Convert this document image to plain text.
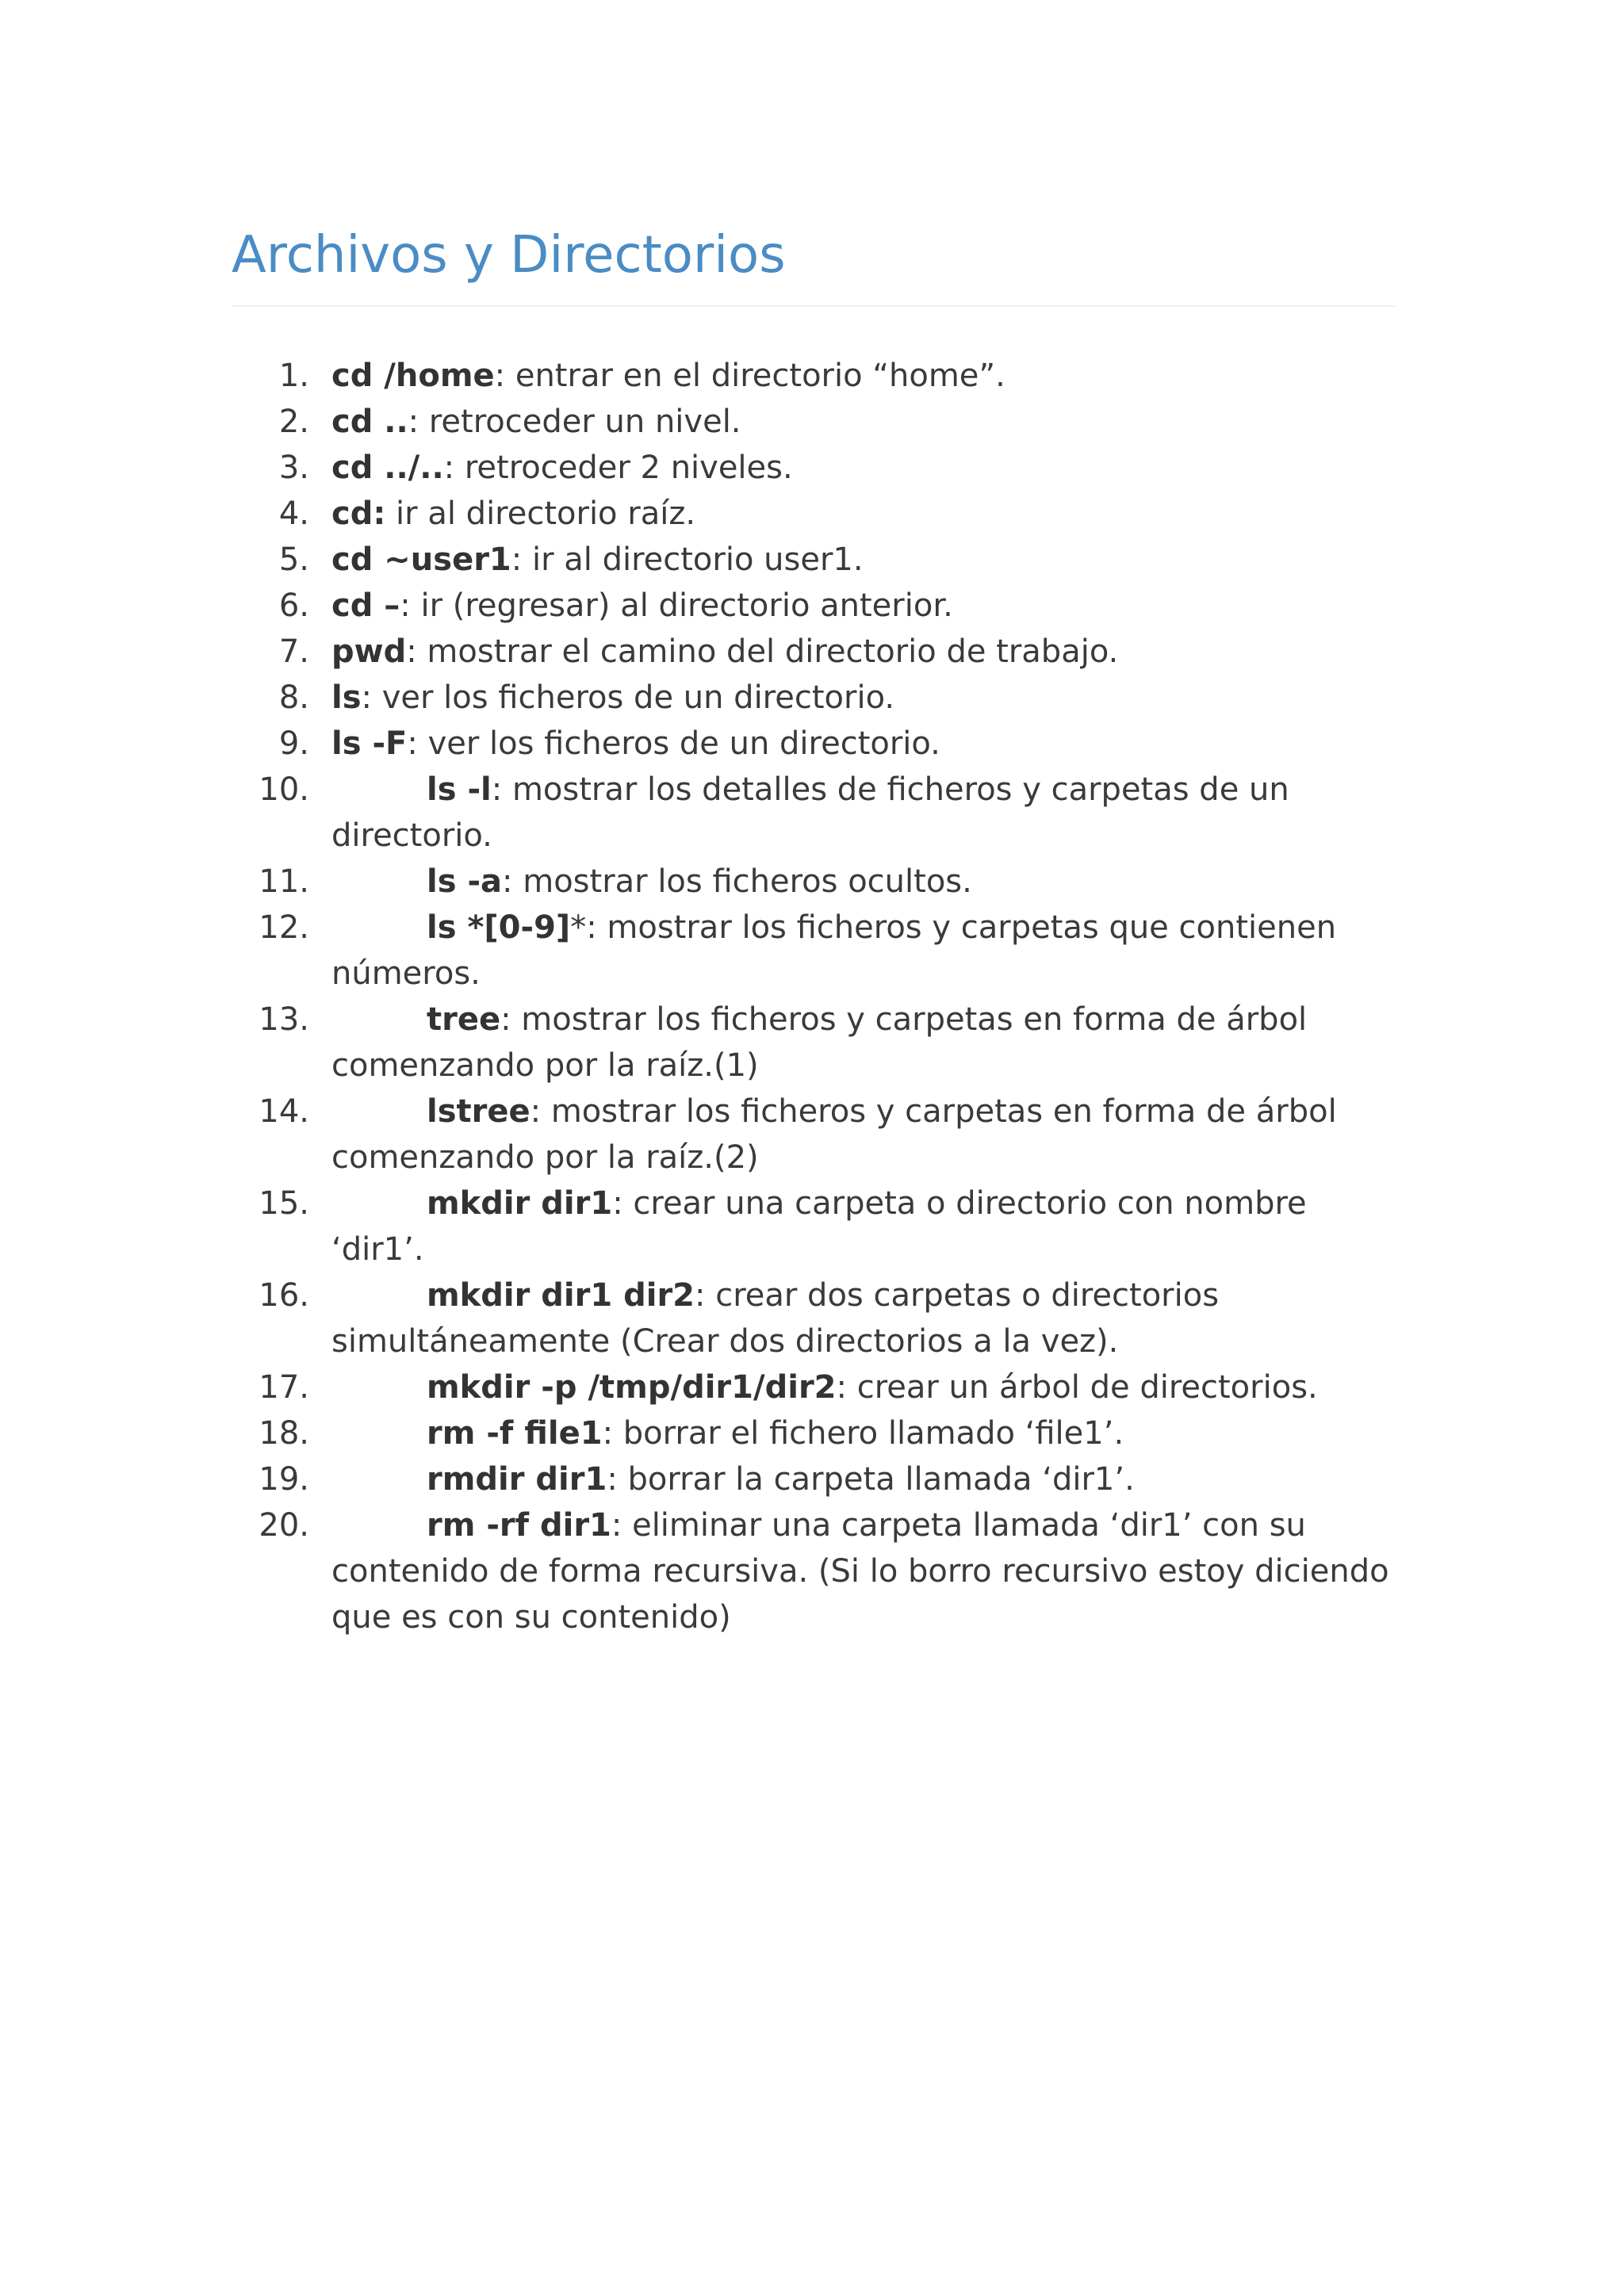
Archivos y Directorios
1. cd /home: entrar en el directorio “home”.
2. cd ..: retroceder un nivel.
3. cd ../..: retroceder 2 niveles.
4. cd: ir al directorio raíz.
5. cd ~user1: ir al directorio user1.
6. cd –: ir (regresar) al directorio anterior.
7. pwd: mostrar el camino del directorio de trabajo.
8. ls: ver los ficheros de un directorio.
9. ls -F: ver los ficheros de un directorio.
10.	ls -l: mostrar los detalles de ficheros y carpetas de un
directorio.
11.	ls -a: mostrar los ficheros ocultos.
12.	ls *[0-9]*: mostrar los ficheros y carpetas que contienen
números.
13.	tree: mostrar los ficheros y carpetas en forma de árbol
comenzando por la raíz.(1)
14.	lstree: mostrar los ficheros y carpetas en forma de árbol
comenzando por la raíz.(2)
15.	mkdir dir1: crear una carpeta o directorio con nombre
‘dir1’.
16.	mkdir dir1 dir2: crear dos carpetas o directorios
simultáneamente (Crear dos directorios a la vez).
17.	mkdir -p /tmp/dir1/dir2: crear un árbol de directorios.
18.	rm -f file1: borrar el fichero llamado ‘file1’.
19.	rmdir dir1: borrar la carpeta llamada ‘dir1’.
20.	rm -rf dir1: eliminar una carpeta llamada ‘dir1’ con su
contenido de forma recursiva. (Si lo borro recursivo estoy diciendo
que es con su contenido)
